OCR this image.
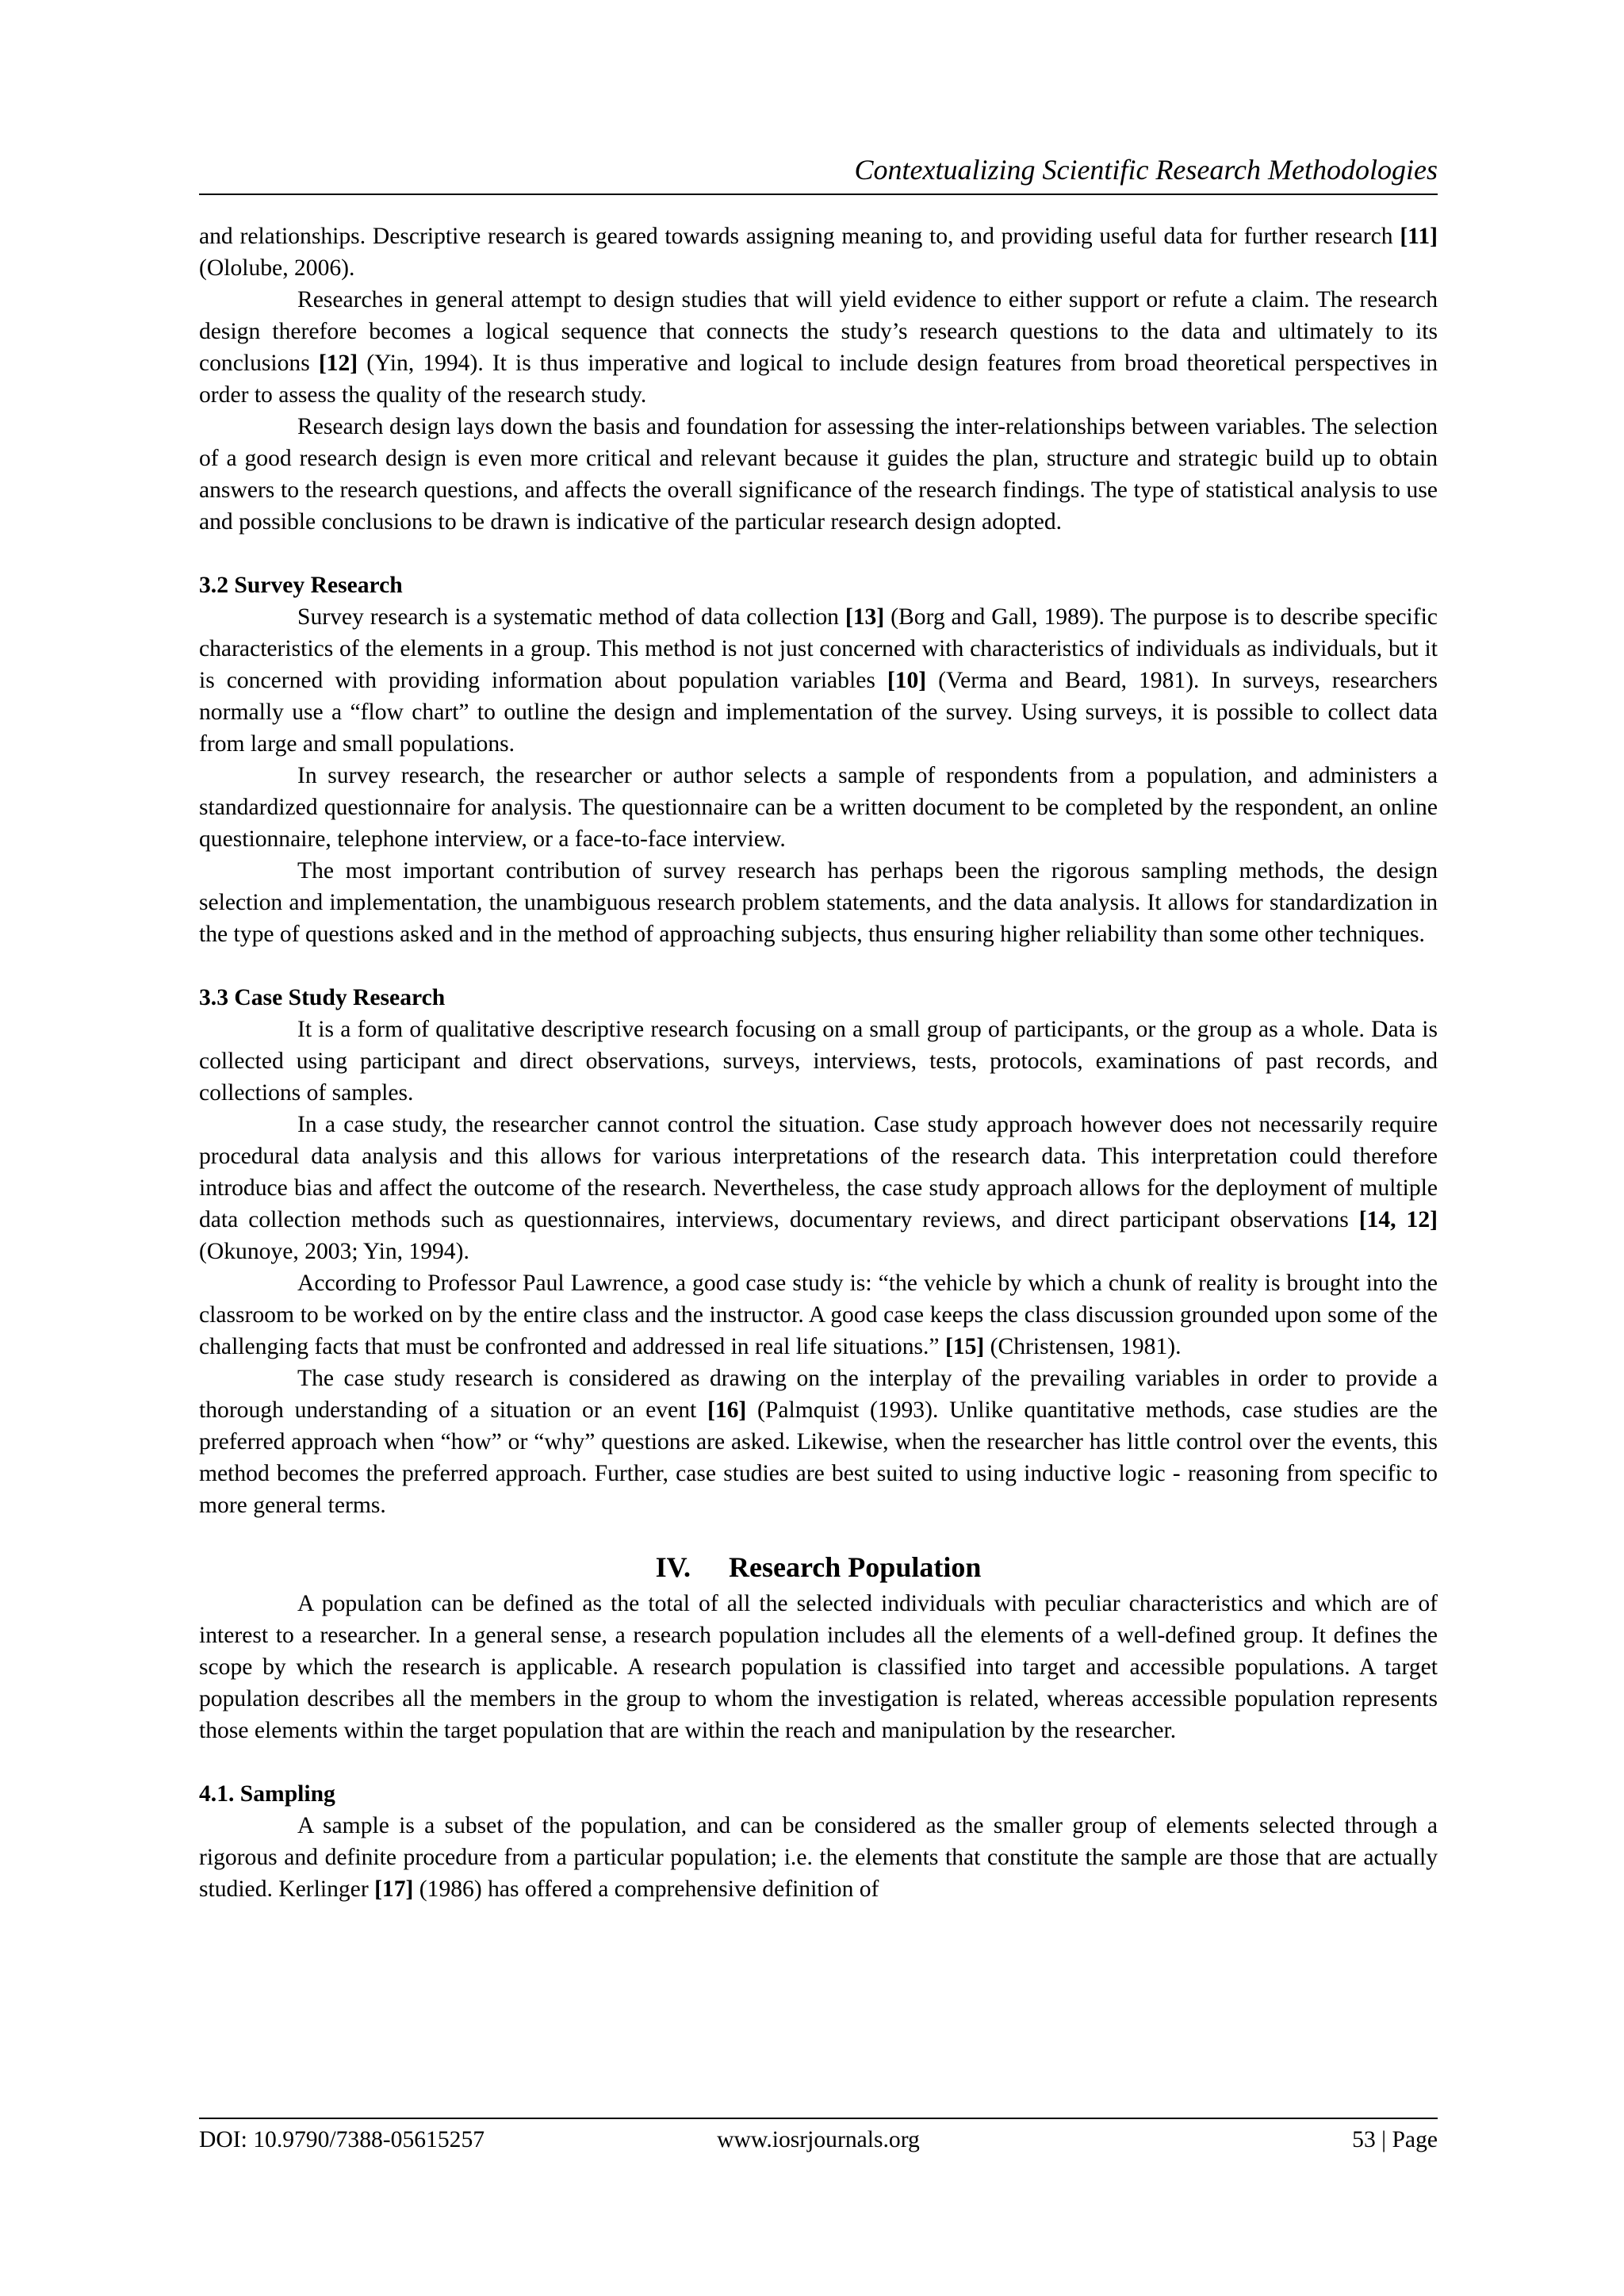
Contextualizing Scientific Research Methodologies

and relationships. Descriptive research is geared towards assigning meaning to, and providing useful data for further research [11] (Ololube, 2006).

Researches in general attempt to design studies that will yield evidence to either support or refute a claim. The research design therefore becomes a logical sequence that connects the study’s research questions to the data and ultimately to its conclusions [12] (Yin, 1994). It is thus imperative and logical to include design features from broad theoretical perspectives in order to assess the quality of the research study.

Research design lays down the basis and foundation for assessing the inter-relationships between variables. The selection of a good research design is even more critical and relevant because it guides the plan, structure and strategic build up to obtain answers to the research questions, and affects the overall significance of the research findings. The type of statistical analysis to use and possible conclusions to be drawn is indicative of the particular research design adopted.

3.2 Survey Research

Survey research is a systematic method of data collection [13] (Borg and Gall, 1989). The purpose is to describe specific characteristics of the elements in a group. This method is not just concerned with characteristics of individuals as individuals, but it is concerned with providing information about population variables [10] (Verma and Beard, 1981). In surveys, researchers normally use a “flow chart” to outline the design and implementation of the survey. Using surveys, it is possible to collect data from large and small populations.

In survey research, the researcher or author selects a sample of respondents from a population, and administers a standardized questionnaire for analysis. The questionnaire can be a written document to be completed by the respondent, an online questionnaire, telephone interview, or a face-to-face interview.

The most important contribution of survey research has perhaps been the rigorous sampling methods, the design selection and implementation, the unambiguous research problem statements, and the data analysis. It allows for standardization in the type of questions asked and in the method of approaching subjects, thus ensuring higher reliability than some other techniques.

3.3 Case Study Research

It is a form of qualitative descriptive research focusing on a small group of participants, or the group as a whole. Data is collected using participant and direct observations, surveys, interviews, tests, protocols, examinations of past records, and collections of samples.

In a case study, the researcher cannot control the situation. Case study approach however does not necessarily require procedural data analysis and this allows for various interpretations of the research data. This interpretation could therefore introduce bias and affect the outcome of the research. Nevertheless, the case study approach allows for the deployment of multiple data collection methods such as questionnaires, interviews, documentary reviews, and direct participant observations [14, 12] (Okunoye, 2003; Yin, 1994).

According to Professor Paul Lawrence, a good case study is: “the vehicle by which a chunk of reality is brought into the classroom to be worked on by the entire class and the instructor. A good case keeps the class discussion grounded upon some of the challenging facts that must be confronted and addressed in real life situations.” [15] (Christensen, 1981).

The case study research is considered as drawing on the interplay of the prevailing variables in order to provide a thorough understanding of a situation or an event [16] (Palmquist (1993). Unlike quantitative methods, case studies are the preferred approach when “how” or “why” questions are asked. Likewise, when the researcher has little control over the events, this method becomes the preferred approach. Further, case studies are best suited to using inductive logic - reasoning from specific to more general terms.

IV. Research Population

A population can be defined as the total of all the selected individuals with peculiar characteristics and which are of interest to a researcher. In a general sense, a research population includes all the elements of a well-defined group. It defines the scope by which the research is applicable. A research population is classified into target and accessible populations. A target population describes all the members in the group to whom the investigation is related, whereas accessible population represents those elements within the target population that are within the reach and manipulation by the researcher.

4.1. Sampling

A sample is a subset of the population, and can be considered as the smaller group of elements selected through a rigorous and definite procedure from a particular population; i.e. the elements that constitute the sample are those that are actually studied. Kerlinger [17] (1986) has offered a comprehensive definition of

DOI: 10.9790/7388-05615257	www.iosrjournals.org	53 | Page
